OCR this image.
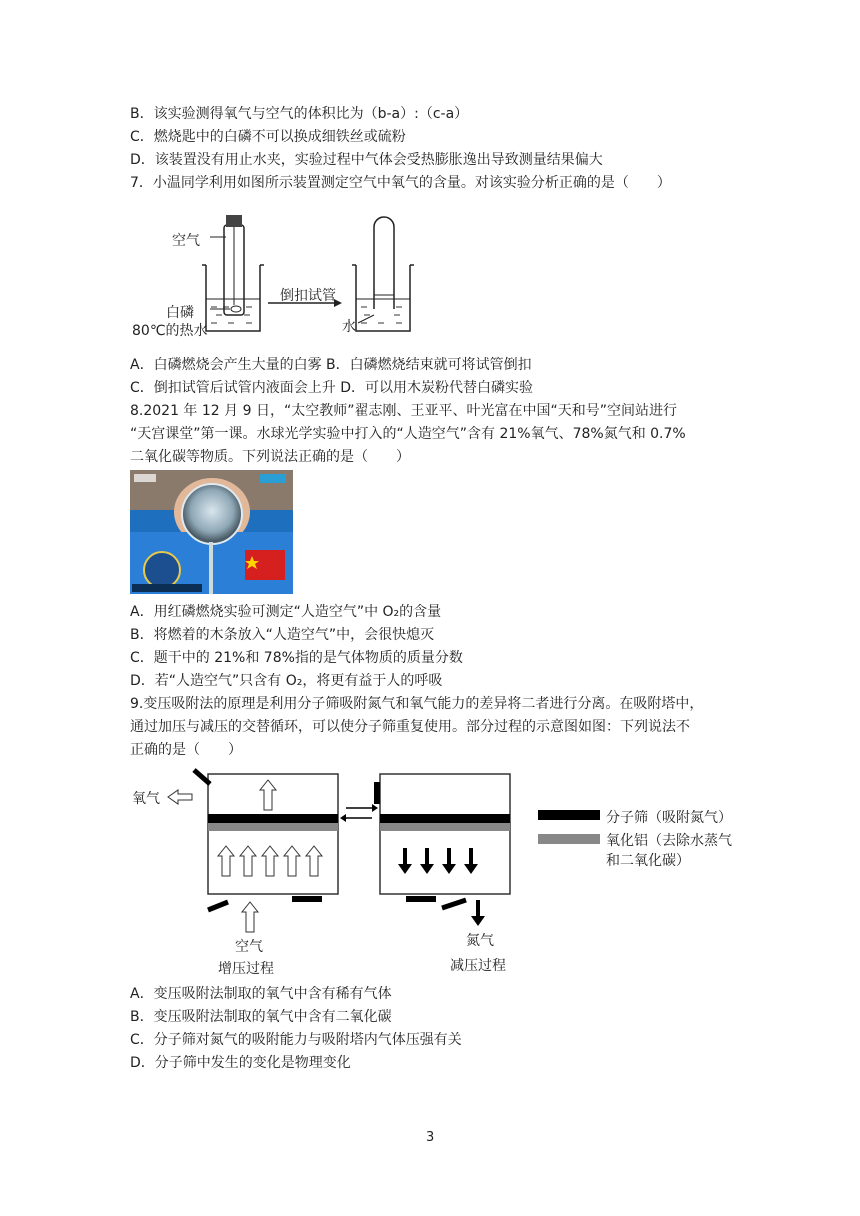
B．该实验测得氧气与空气的体积比为（b-a）:（c-a）
C．燃烧匙中的白磷不可以换成细铁丝或硫粉
D．该装置没有用止水夹，实验过程中气体会受热膨胀逸出导致测量结果偏大
7．小温同学利用如图所示装置测定空气中氧气的含量。对该实验分析正确的是（　　）
空气
白磷
80℃的热水
倒扣试管
水
A．白磷燃烧会产生大量的白雾 B．白磷燃烧结束就可将试管倒扣
C．倒扣试管后试管内液面会上升 D．可以用木炭粉代替白磷实验
8.2021 年 12 月 9 日，“太空教师”翟志刚、王亚平、叶光富在中国“天和号”空间站进行
“天宫课堂”第一课。水球光学实验中打入的“人造空气”含有 21%氧气、78%氮气和 0.7%
二氧化碳等物质。下列说法正确的是（　　）
A．用红磷燃烧实验可测定“人造空气”中 O₂的含量
B．将燃着的木条放入“人造空气”中，会很快熄灭
C．题干中的 21%和 78%指的是气体物质的质量分数
D．若“人造空气”只含有 O₂，将更有益于人的呼吸
9.变压吸附法的原理是利用分子筛吸附氮气和氧气能力的差异将二者进行分离。在吸附塔中，
通过加压与减压的交替循环，可以使分子筛重复使用。部分过程的示意图如图：下列说法不
正确的是（　　）
氧气
空气
增压过程
氮气
减压过程
分子筛（吸附氮气）
氧化铝（去除水蒸气
和二氧化碳）
A．变压吸附法制取的氧气中含有稀有气体
B．变压吸附法制取的氧气中含有二氧化碳
C．分子筛对氮气的吸附能力与吸附塔内气体压强有关
D．分子筛中发生的变化是物理变化
3
